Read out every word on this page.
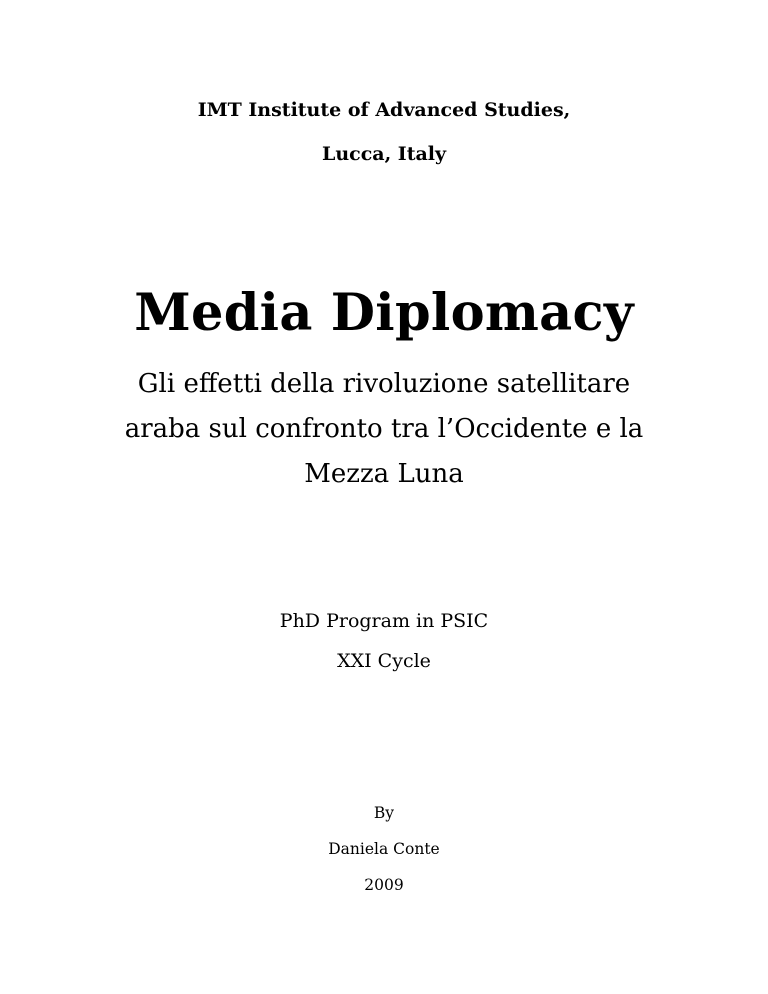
IMT Institute of Advanced Studies,
Lucca, Italy
Media Diplomacy
Gli effetti della rivoluzione satellitare
araba sul confronto tra l’Occidente e la
Mezza Luna
PhD Program in PSIC
XXI Cycle
By
Daniela Conte
2009
